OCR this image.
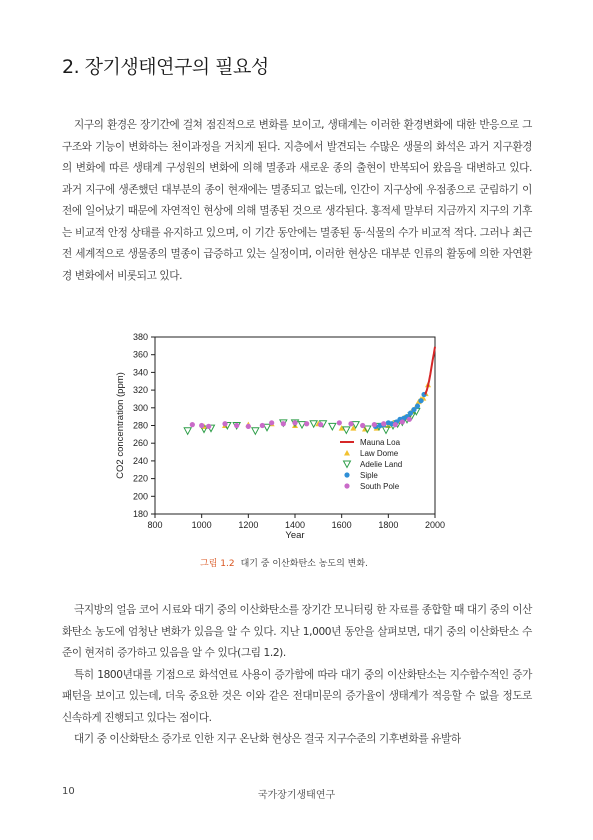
2. 장기생태연구의 필요성
지구의 환경은 장기간에 걸쳐 점진적으로 변화를 보이고, 생태계는 이러한 환경변화에 대한 반응으로 그 구조와 기능이 변화하는 천이과정을 거치게 된다. 지층에서 발견되는 수많은 생물의 화석은 과거 지구환경의 변화에 따른 생태계 구성원의 변화에 의해 멸종과 새로운 종의 출현이 반복되어 왔음을 대변하고 있다. 과거 지구에 생존했던 대부분의 종이 현재에는 멸종되고 없는데, 인간이 지구상에 우점종으로 군림하기 이전에 일어났기 때문에 자연적인 현상에 의해 멸종된 것으로 생각된다. 홍적세 말부터 지금까지 지구의 기후는 비교적 안정 상태를 유지하고 있으며, 이 기간 동안에는 멸종된 동·식물의 수가 비교적 적다. 그러나 최근 전 세계적으로 생물종의 멸종이 급증하고 있는 실정이며, 이러한 현상은 대부분 인류의 활동에 의한 자연환경 변화에서 비롯되고 있다.
180
200
220
240
260
280
300
320
340
360
380
800	1000	1200	1400	1600	1800	2000
Year
CO2 concentration (ppm)	Mauna Loa
Law Dome
Adelie Land
Siple
South Pole
그림 1.2 대기 중 이산화탄소 농도의 변화.
극지방의 얼음 코어 시료와 대기 중의 이산화탄소를 장기간 모니터링 한 자료를 종합할 때 대기 중의 이산화탄소 농도에 엄청난 변화가 있음을 알 수 있다. 지난 1,000년 동안을 살펴보면, 대기 중의 이산화탄소 수준이 현저히 증가하고 있음을 알 수 있다(그림 1.2).
특히 1800년대를 기점으로 화석연료 사용이 증가함에 따라 대기 중의 이산화탄소는 지수함수적인 증가패턴을 보이고 있는데, 더욱 중요한 것은 이와 같은 전대미문의 증가율이 생태계가 적응할 수 없을 정도로 신속하게 진행되고 있다는 점이다.
대기 중 이산화탄소 증가로 인한 지구 온난화 현상은 결국 지구수준의 기후변화를 유발하
10	국가장기생태연구
